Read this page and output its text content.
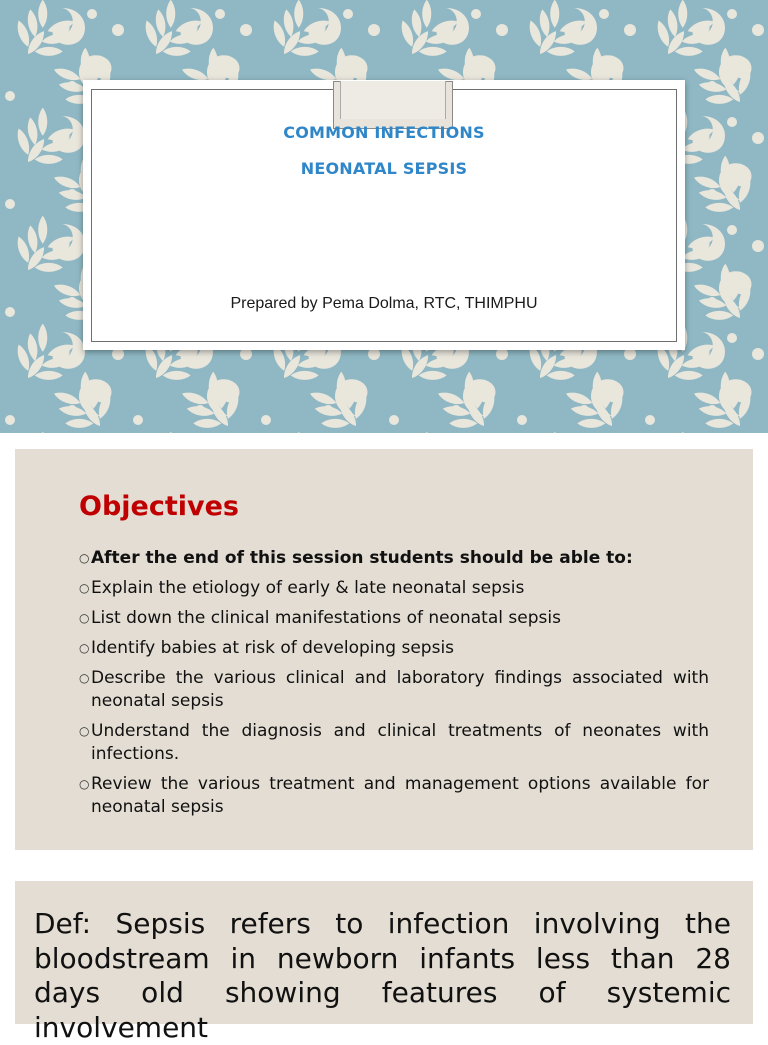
COMMON INFECTIONS
NEONATAL SEPSIS
Prepared by Pema Dolma, RTC, THIMPHU
Objectives
○ After the end of this session students should be able to:
○ Explain the etiology of early & late neonatal sepsis
○ List down the clinical manifestations of neonatal sepsis
○ Identify babies at risk of developing sepsis
○ Describe the various clinical and laboratory findings associated with neonatal sepsis
○ Understand the diagnosis and clinical treatments of neonates with infections.
○ Review the various treatment and management options available for neonatal sepsis

Def: Sepsis refers to infection involving the bloodstream in newborn infants less than 28 days old showing features of systemic involvement
